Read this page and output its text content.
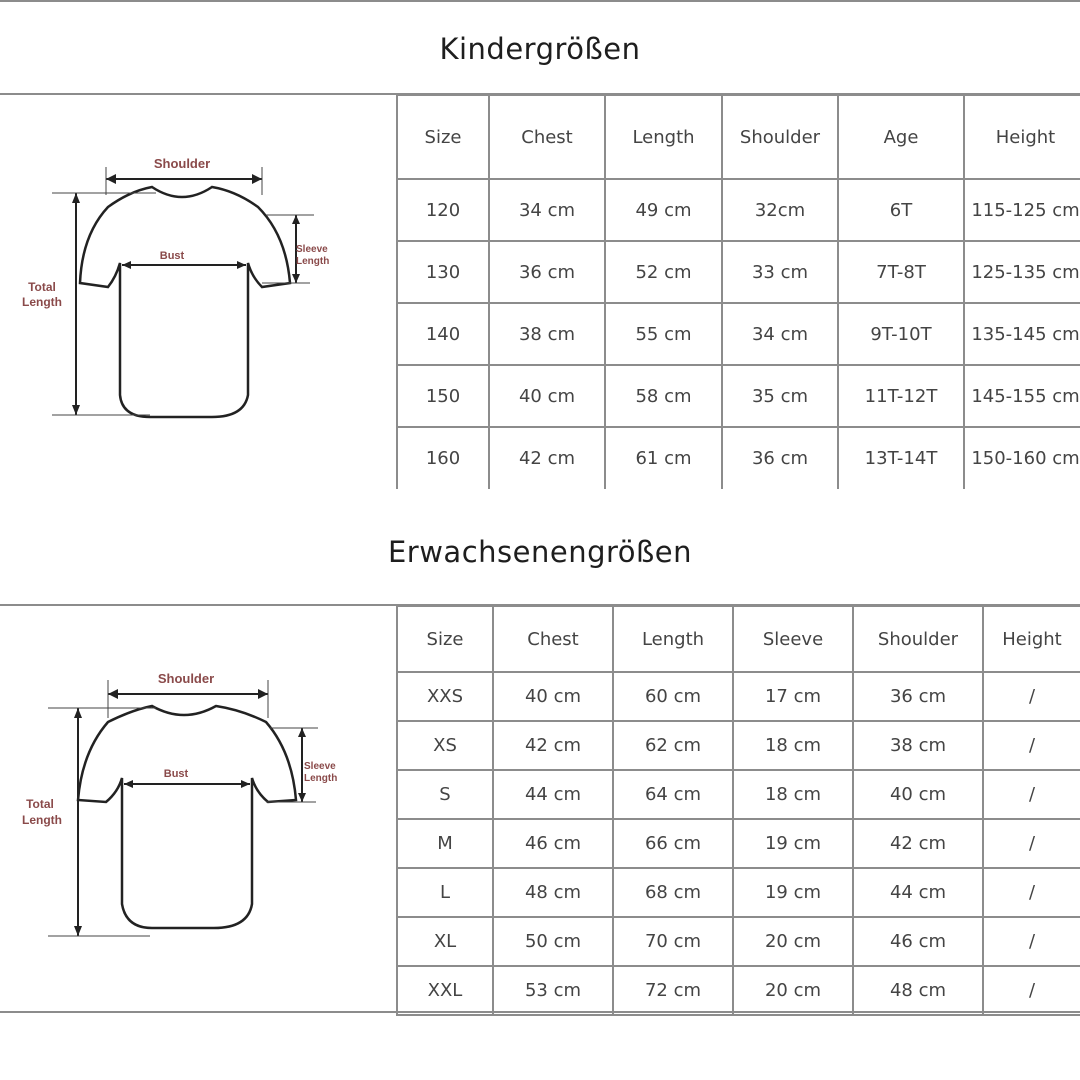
Kindergrößen
Shoulder
Bust
Sleeve
Length
Total
Length
Size	Chest	Length	Shoulder	Age	Height
120	34 cm	49 cm	32cm	6T	115-125 cm
130	36 cm	52 cm	33 cm	7T-8T	125-135 cm
140	38 cm	55 cm	34 cm	9T-10T	135-145 cm
150	40 cm	58 cm	35 cm	11T-12T	145-155 cm
160	42 cm	61 cm	36 cm	13T-14T	150-160 cm
Erwachsenengrößen
Shoulder
Bust
Sleeve
Length
Total
Length
Size	Chest	Length	Sleeve	Shoulder	Height
XXS	40 cm	60 cm	17 cm	36 cm	/
XS	42 cm	62 cm	18 cm	38 cm	/
S	44 cm	64 cm	18 cm	40 cm	/
M	46 cm	66 cm	19 cm	42 cm	/
L	48 cm	68 cm	19 cm	44 cm	/
XL	50 cm	70 cm	20 cm	46 cm	/
XXL	53 cm	72 cm	20 cm	48 cm	/
